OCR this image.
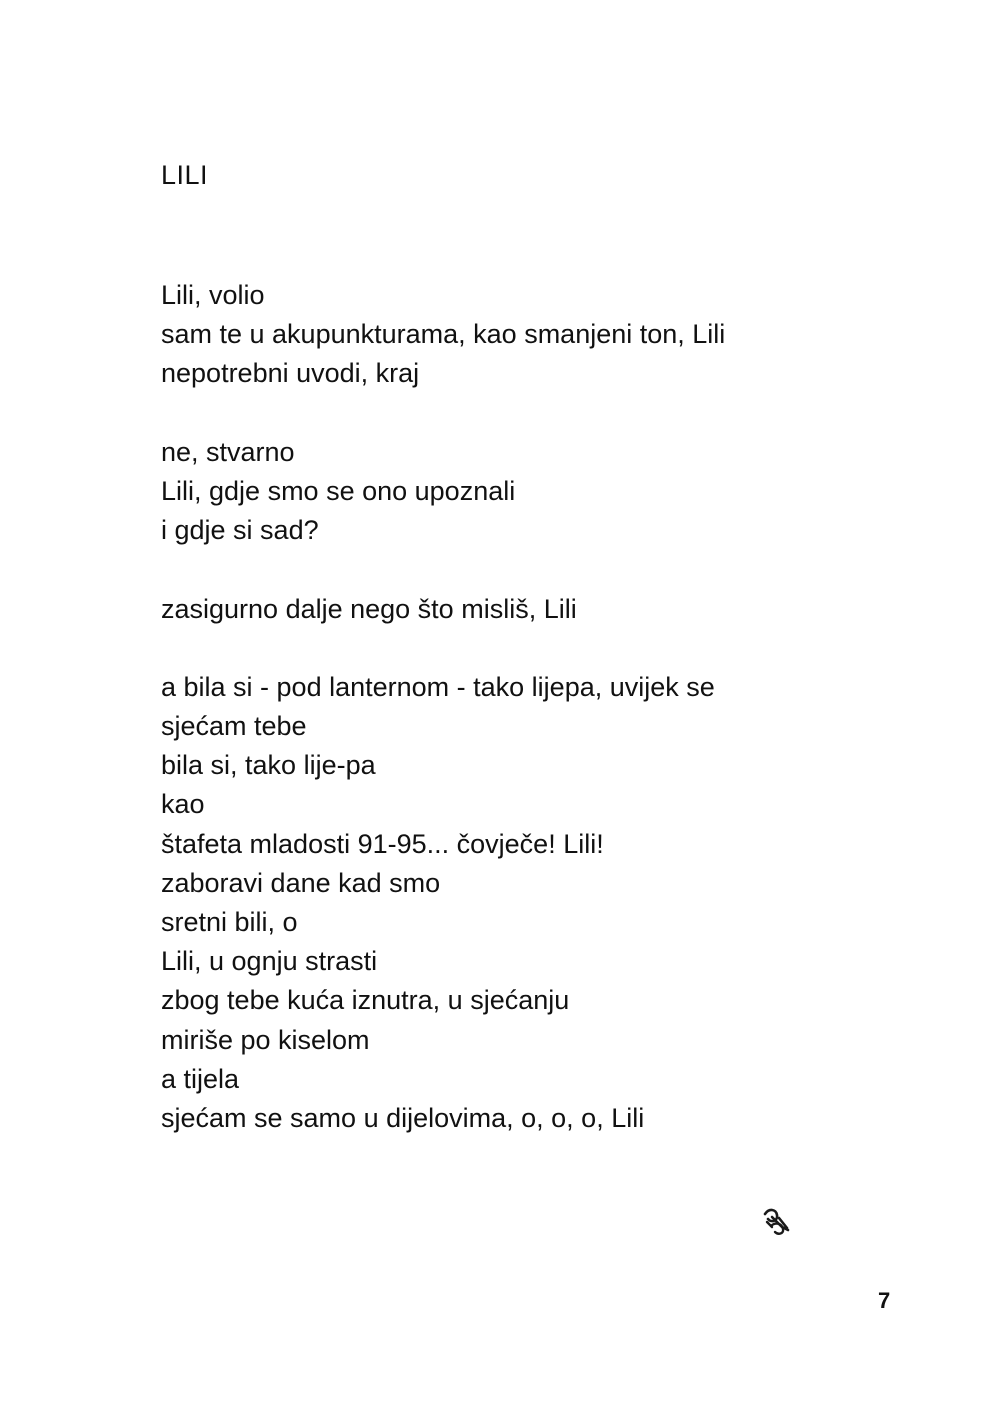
LILI
Lili, volio
sam te u akupunkturama, kao smanjeni ton, Lili
nepotrebni uvodi, kraj
ne, stvarno
Lili, gdje smo se ono upoznali
i gdje si sad?
zasigurno dalje nego što misliš, Lili
a bila si - pod lanternom - tako lijepa, uvijek se
sjećam tebe
bila si, tako lije-pa
kao
štafeta mladosti 91-95... čovječe! Lili!
zaboravi dane kad smo
sretni bili, o
Lili, u ognju strasti
zbog tebe kuća iznutra, u sjećanju
miriše po kiselom
a tijela
sjećam se samo u dijelovima, o, o, o, Lili
7
